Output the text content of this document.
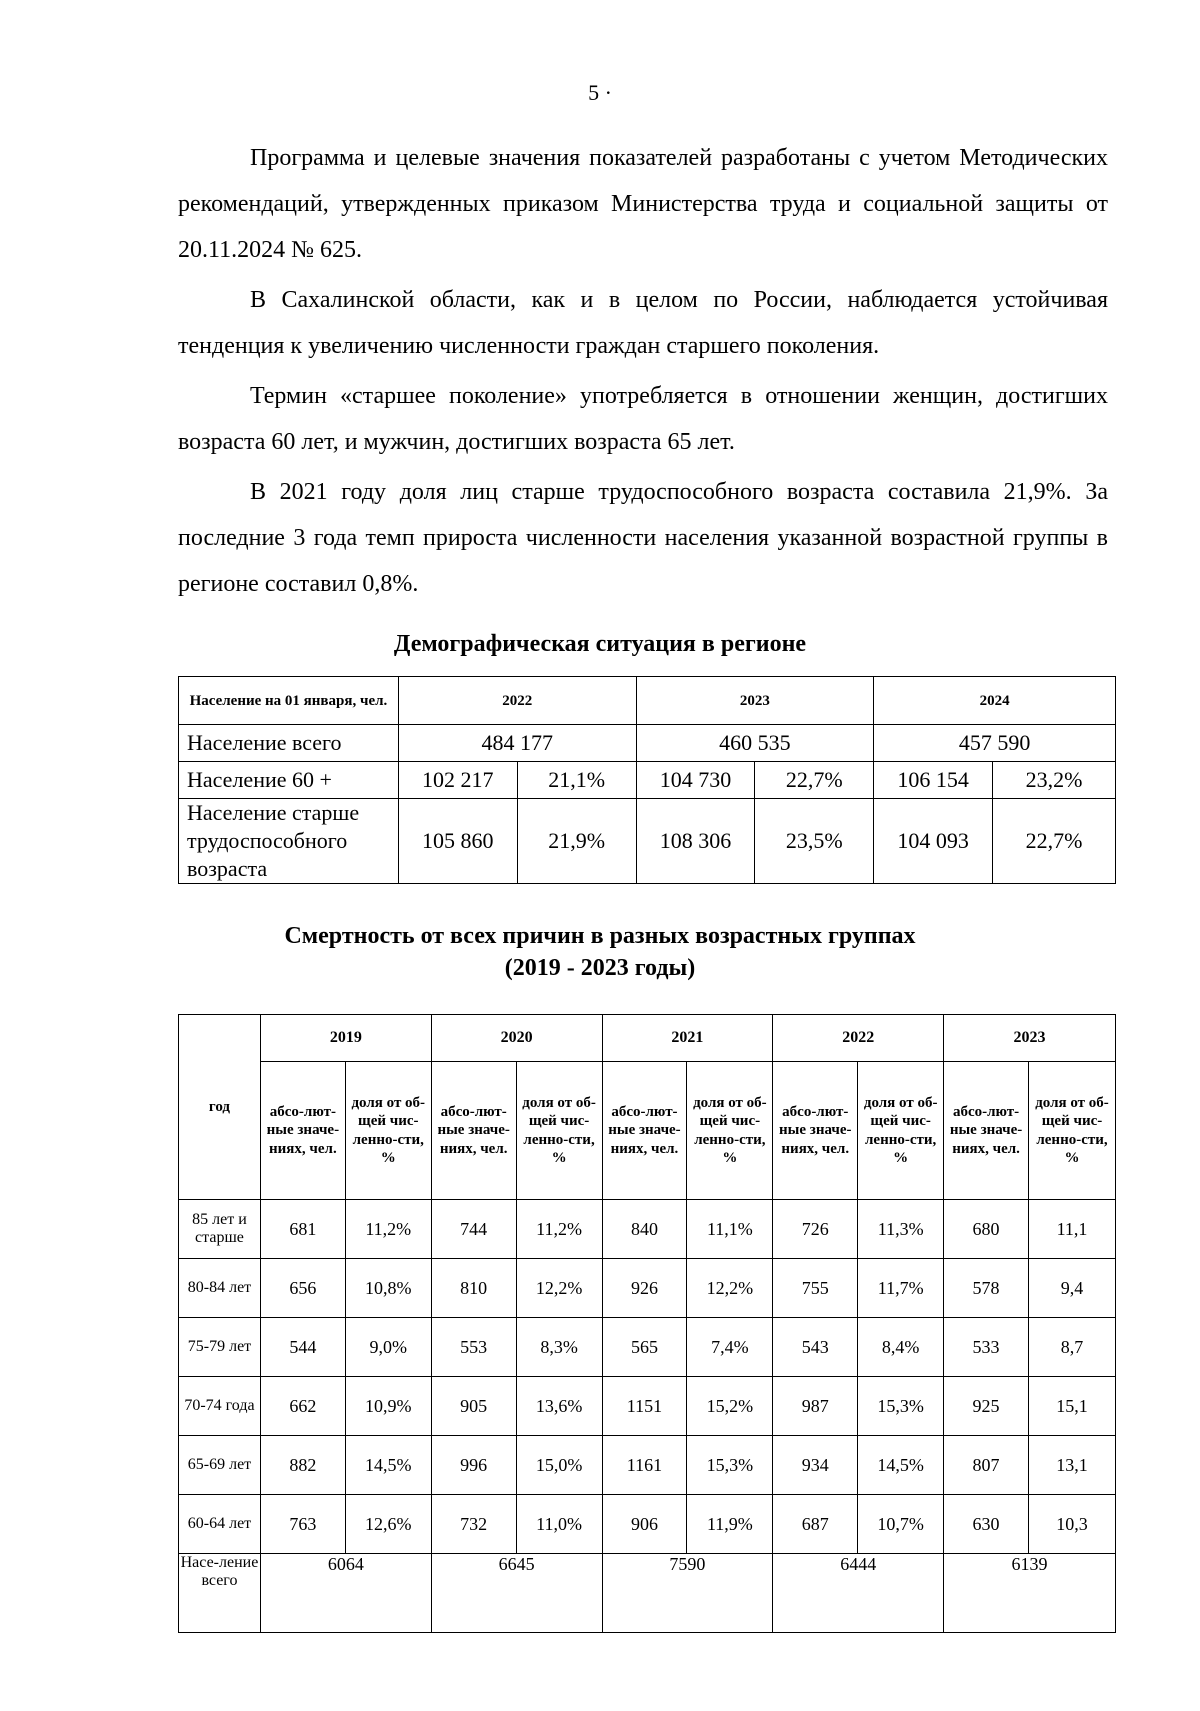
5 ·

Программа и целевые значения показателей разработаны с учетом Методических рекомендаций, утвержденных приказом Министерства труда и социальной защиты от 20.11.2024 № 625.

В Сахалинской области, как и в целом по России, наблюдается устойчивая тенденция к увеличению численности граждан старшего поколения.

Термин «старшее поколение» употребляется в отношении женщин, достигших возраста 60 лет, и мужчин, достигших возраста 65 лет.

В 2021 году доля лиц старше трудоспособного возраста составила 21,9%. За последние 3 года темп прироста численности населения указанной возрастной группы в регионе составил 0,8%.

Демографическая ситуация в регионе
Население на 01 января, чел.	2022		2023		2024	
Население всего	484 177		460 535		457 590	
Население 60 +	102 217	21,1%	104 730	22,7%	106 154	23,2%
Население старше трудоспособного возраста	105 860	21,9%	108 306	23,5%	104 093	22,7%
Смертность от всех причин в разных возрастных группах
(2019 - 2023 годы)
год	2019		2020		2021		2022		2023	
	абсо-лют-ные значе-ниях, чел.	доля от об-щей чис-ленно-сти, %	абсо-лют-ные значе-ниях, чел.	доля от об-щей чис-ленно-сти, %	абсо-лют-ные значе-ниях, чел.	доля от об-щей чис-ленно-сти, %	абсо-лют-ные значе-ниях, чел.	доля от об-щей чис-ленно-сти, %	абсо-лют-ные значе-ниях, чел.	доля от об-щей чис-ленно-сти, %
85 лет и старше	681	11,2%	744	11,2%	840	11,1%	726	11,3%	680	11,1
80-84 лет	656	10,8%	810	12,2%	926	12,2%	755	11,7%	578	9,4
75-79 лет	544	9,0%	553	8,3%	565	7,4%	543	8,4%	533	8,7
70-74 года	662	10,9%	905	13,6%	1151	15,2%	987	15,3%	925	15,1
65-69 лет	882	14,5%	996	15,0%	1161	15,3%	934	14,5%	807	13,1
60-64 лет	763	12,6%	732	11,0%	906	11,9%	687	10,7%	630	10,3
Насе-ление всего	6064		6645		7590		6444		6139	
